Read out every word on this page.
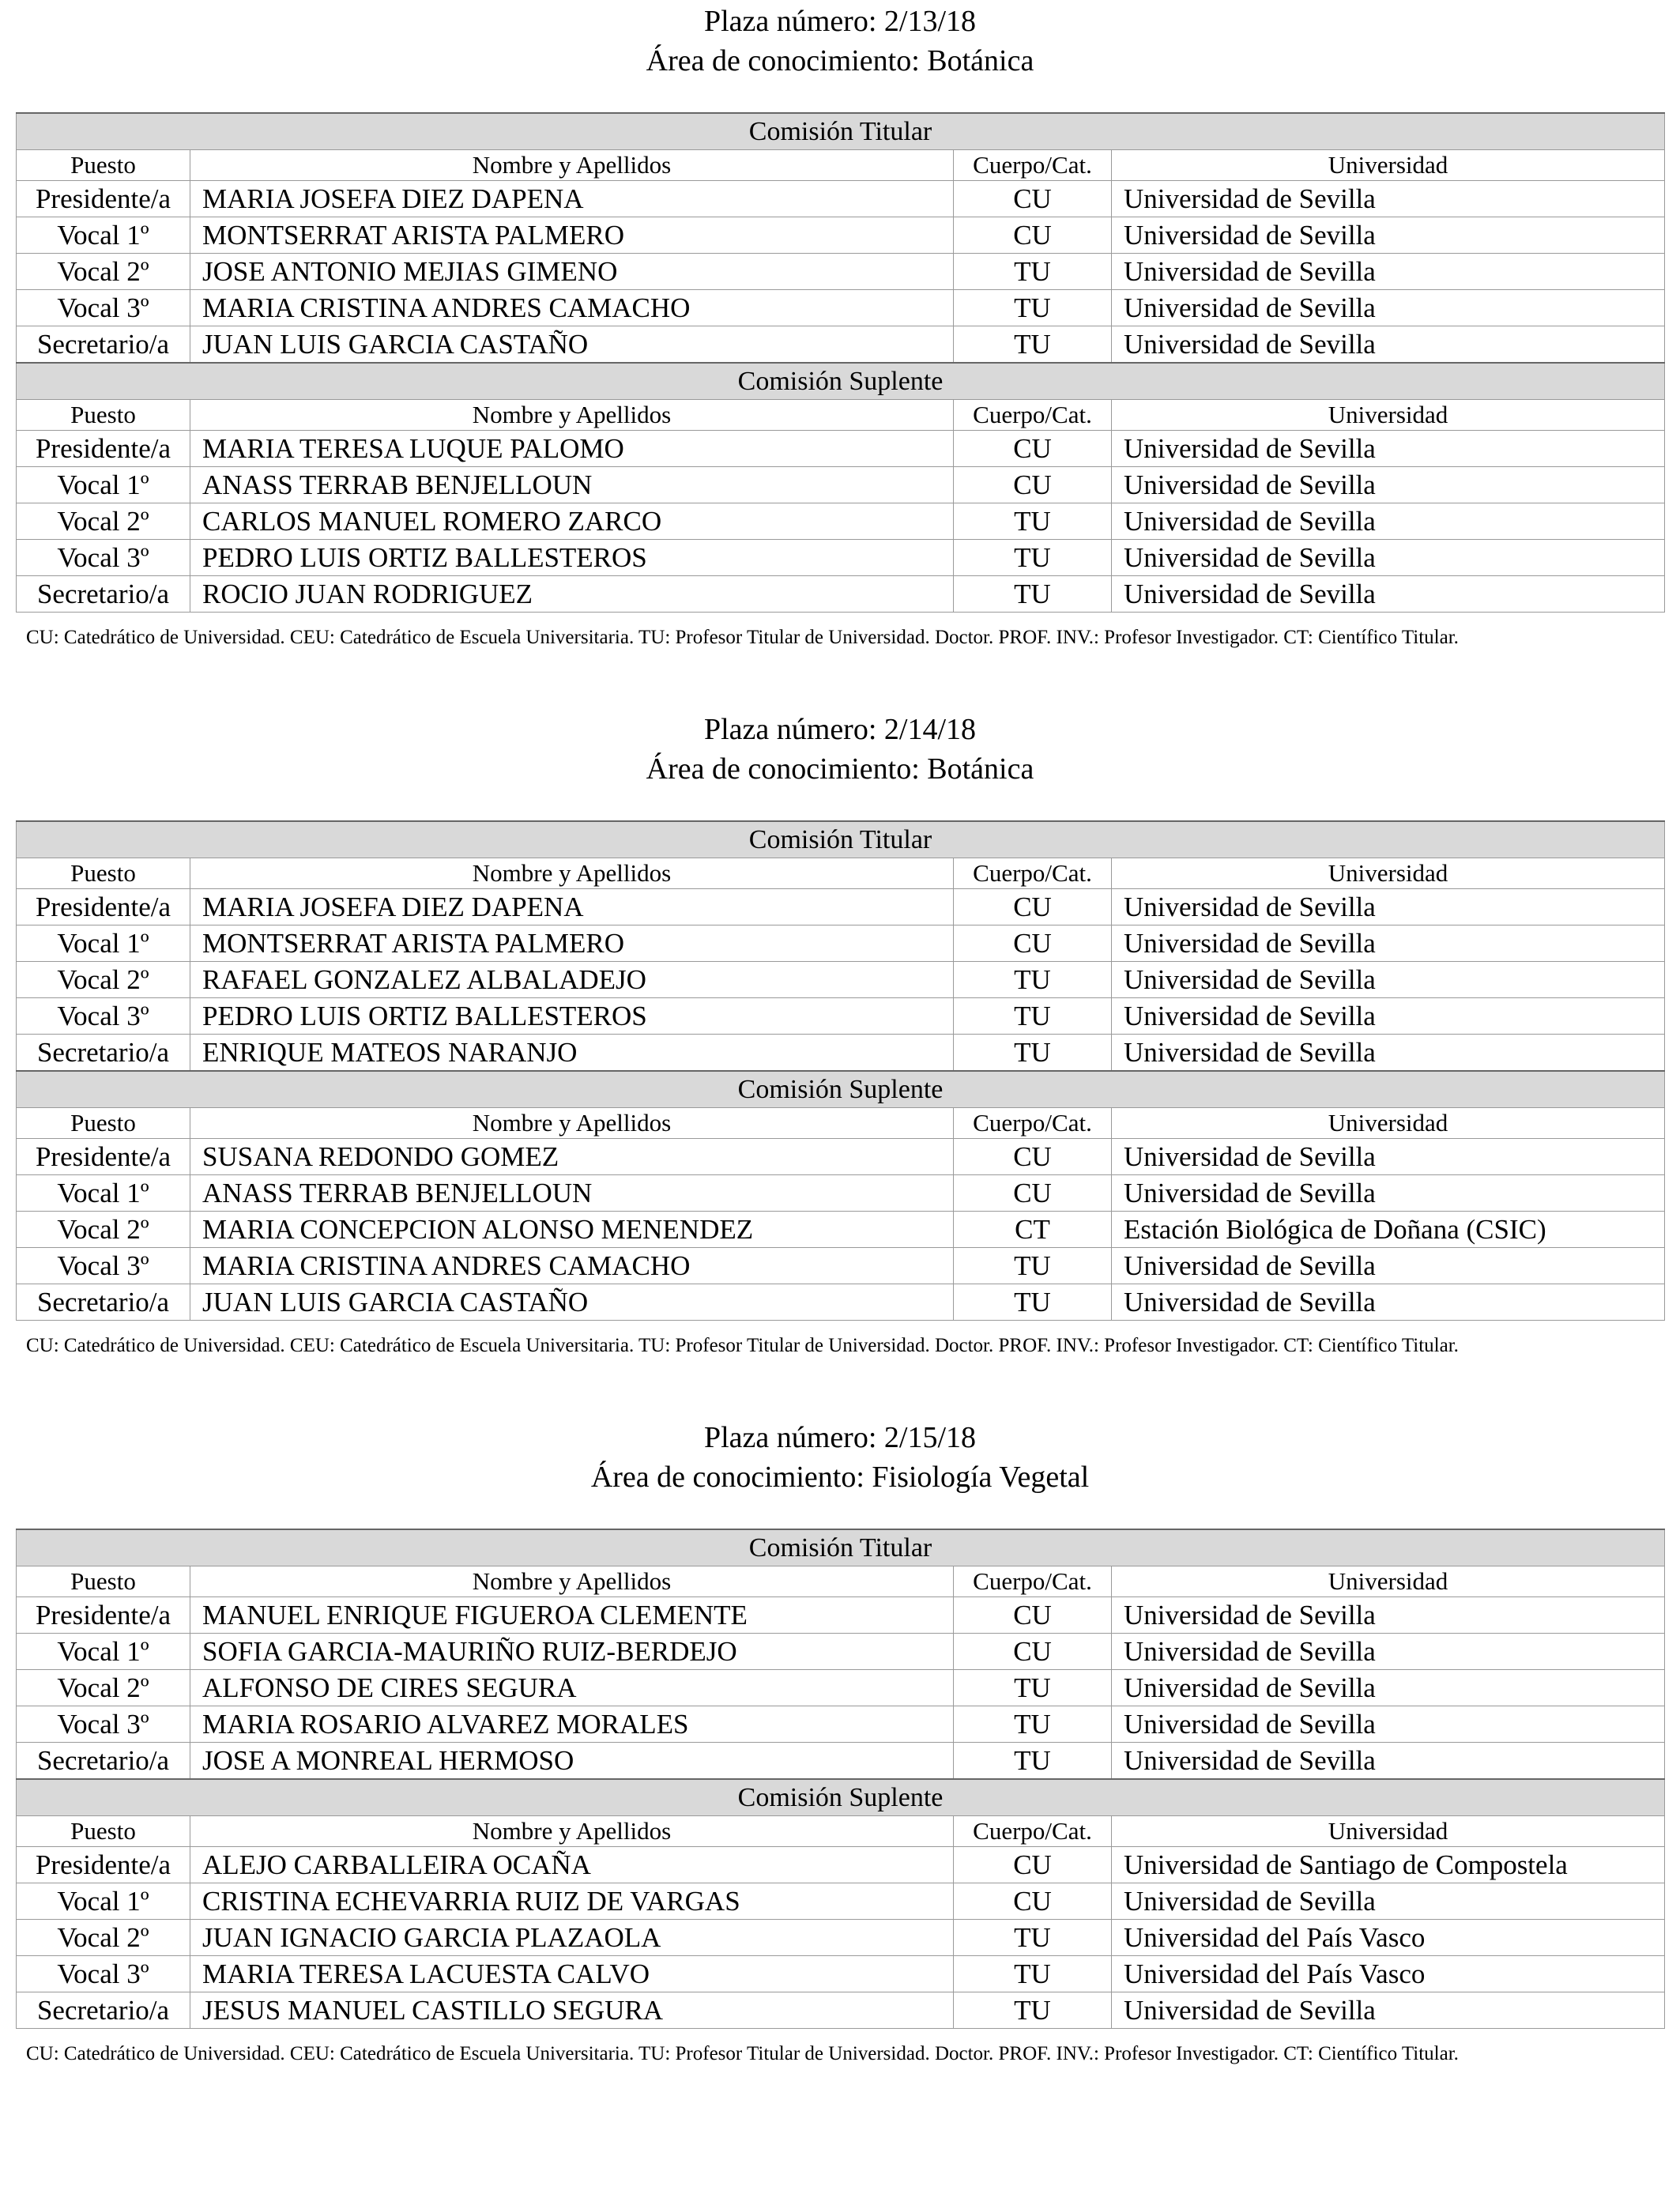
Plaza número: 2/13/18
Área de conocimiento: Botánica
Comisión Titular			
Puesto	Nombre y Apellidos	Cuerpo/Cat.	Universidad
Presidente/a	MARIA JOSEFA DIEZ DAPENA	CU	Universidad de Sevilla
Vocal 1º	MONTSERRAT ARISTA PALMERO	CU	Universidad de Sevilla
Vocal 2º	JOSE ANTONIO MEJIAS GIMENO	TU	Universidad de Sevilla
Vocal 3º	MARIA CRISTINA ANDRES CAMACHO	TU	Universidad de Sevilla
Secretario/a	JUAN LUIS GARCIA CASTAÑO	TU	Universidad de Sevilla
Comisión Suplente			
Puesto	Nombre y Apellidos	Cuerpo/Cat.	Universidad
Presidente/a	MARIA TERESA LUQUE PALOMO	CU	Universidad de Sevilla
Vocal 1º	ANASS TERRAB BENJELLOUN	CU	Universidad de Sevilla
Vocal 2º	CARLOS MANUEL ROMERO ZARCO	TU	Universidad de Sevilla
Vocal 3º	PEDRO LUIS ORTIZ BALLESTEROS	TU	Universidad de Sevilla
Secretario/a	ROCIO JUAN RODRIGUEZ	TU	Universidad de Sevilla
CU: Catedrático de Universidad. CEU: Catedrático de Escuela Universitaria. TU: Profesor Titular de Universidad. Doctor. PROF. INV.: Profesor Investigador. CT: Científico Titular.
Plaza número: 2/14/18
Área de conocimiento: Botánica
Comisión Titular			
Puesto	Nombre y Apellidos	Cuerpo/Cat.	Universidad
Presidente/a	MARIA JOSEFA DIEZ DAPENA	CU	Universidad de Sevilla
Vocal 1º	MONTSERRAT ARISTA PALMERO	CU	Universidad de Sevilla
Vocal 2º	RAFAEL GONZALEZ ALBALADEJO	TU	Universidad de Sevilla
Vocal 3º	PEDRO LUIS ORTIZ BALLESTEROS	TU	Universidad de Sevilla
Secretario/a	ENRIQUE MATEOS NARANJO	TU	Universidad de Sevilla
Comisión Suplente			
Puesto	Nombre y Apellidos	Cuerpo/Cat.	Universidad
Presidente/a	SUSANA REDONDO GOMEZ	CU	Universidad de Sevilla
Vocal 1º	ANASS TERRAB BENJELLOUN	CU	Universidad de Sevilla
Vocal 2º	MARIA CONCEPCION ALONSO MENENDEZ	CT	Estación Biológica de Doñana (CSIC)
Vocal 3º	MARIA CRISTINA ANDRES CAMACHO	TU	Universidad de Sevilla
Secretario/a	JUAN LUIS GARCIA CASTAÑO	TU	Universidad de Sevilla
CU: Catedrático de Universidad. CEU: Catedrático de Escuela Universitaria. TU: Profesor Titular de Universidad. Doctor. PROF. INV.: Profesor Investigador. CT: Científico Titular.
Plaza número: 2/15/18
Área de conocimiento: Fisiología Vegetal
Comisión Titular			
Puesto	Nombre y Apellidos	Cuerpo/Cat.	Universidad
Presidente/a	MANUEL ENRIQUE FIGUEROA CLEMENTE	CU	Universidad de Sevilla
Vocal 1º	SOFIA GARCIA-MAURIÑO RUIZ-BERDEJO	CU	Universidad de Sevilla
Vocal 2º	ALFONSO DE CIRES SEGURA	TU	Universidad de Sevilla
Vocal 3º	MARIA ROSARIO ALVAREZ MORALES	TU	Universidad de Sevilla
Secretario/a	JOSE A MONREAL HERMOSO	TU	Universidad de Sevilla
Comisión Suplente			
Puesto	Nombre y Apellidos	Cuerpo/Cat.	Universidad
Presidente/a	ALEJO CARBALLEIRA OCAÑA	CU	Universidad de Santiago de Compostela
Vocal 1º	CRISTINA ECHEVARRIA RUIZ DE VARGAS	CU	Universidad de Sevilla
Vocal 2º	JUAN IGNACIO GARCIA PLAZAOLA	TU	Universidad del País Vasco
Vocal 3º	MARIA TERESA LACUESTA CALVO	TU	Universidad del País Vasco
Secretario/a	JESUS MANUEL CASTILLO SEGURA	TU	Universidad de Sevilla
CU: Catedrático de Universidad. CEU: Catedrático de Escuela Universitaria. TU: Profesor Titular de Universidad. Doctor. PROF. INV.: Profesor Investigador. CT: Científico Titular.
